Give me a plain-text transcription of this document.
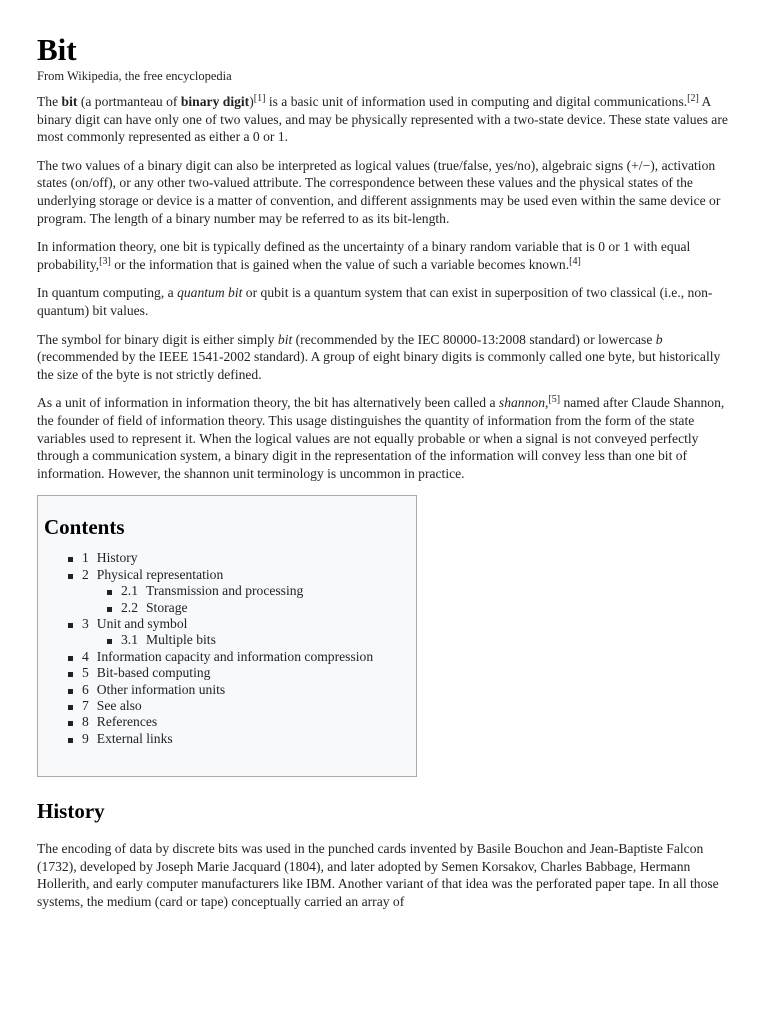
Bit
From Wikipedia, the free encyclopedia

The bit (a portmanteau of binary digit)[1] is a basic unit of information used in computing and digital communications.[2] A binary digit can have only one of two values, and may be physically represented with a two-state device. These state values are most commonly represented as either a 0 or 1.

The two values of a binary digit can also be interpreted as logical values (true/false, yes/no), algebraic signs (+/−), activation states (on/off), or any other two-valued attribute. The correspondence between these values and the physical states of the underlying storage or device is a matter of convention, and different assignments may be used even within the same device or program. The length of a binary number may be referred to as its bit-length.

In information theory, one bit is typically defined as the uncertainty of a binary random variable that is 0 or 1 with equal probability,[3] or the information that is gained when the value of such a variable becomes known.[4]

In quantum computing, a quantum bit or qubit is a quantum system that can exist in superposition of two classical (i.e., non-quantum) bit values.

The symbol for binary digit is either simply bit (recommended by the IEC 80000-13:2008 standard) or lowercase b (recommended by the IEEE 1541-2002 standard). A group of eight binary digits is commonly called one byte, but historically the size of the byte is not strictly defined.

As a unit of information in information theory, the bit has alternatively been called a shannon,[5] named after Claude Shannon, the founder of field of information theory. This usage distinguishes the quantity of information from the form of the state variables used to represent it. When the logical values are not equally probable or when a signal is not conveyed perfectly through a communication system, a binary digit in the representation of the information will convey less than one bit of information. However, the shannon unit terminology is uncommon in practice.

Contents
1 History
2 Physical representation
2.1 Transmission and processing
2.2 Storage
3 Unit and symbol
3.1 Multiple bits
4 Information capacity and information compression
5 Bit-based computing
6 Other information units
7 See also
8 References
9 External links
History

The encoding of data by discrete bits was used in the punched cards invented by Basile Bouchon and Jean-Baptiste Falcon (1732), developed by Joseph Marie Jacquard (1804), and later adopted by Semen Korsakov, Charles Babbage, Hermann Hollerith, and early computer manufacturers like IBM. Another variant of that idea was the perforated paper tape. In all those systems, the medium (card or tape) conceptually carried an array of
